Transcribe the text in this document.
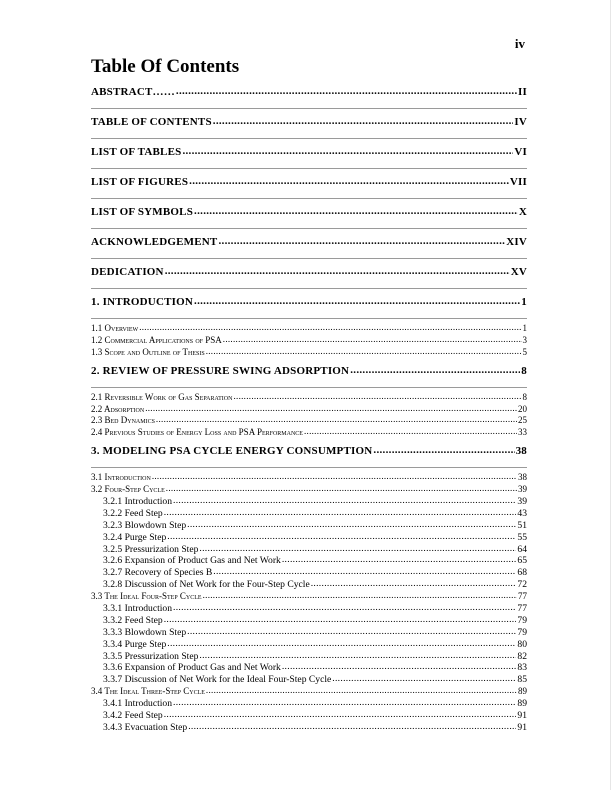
iv
Table Of Contents
ABSTRACT…… .....	II
TABLE OF CONTENTS .....	IV
LIST OF TABLES .....	VI
LIST OF FIGURES .....	VII
LIST OF SYMBOLS .....	X
ACKNOWLEDGEMENT .....	XIV
DEDICATION .....	XV
1. INTRODUCTION .....	1
1.1 Overview .....	1
1.2 Commercial Applications of PSA .....	3
1.3 Scope and Outline of Thesis .....	5
2. REVIEW OF PRESSURE SWING ADSORPTION .....	8
2.1 Reversible Work of Gas Separation .....	8
2.2 Adsorption .....	20
2.3 Bed Dynamics .....	25
2.4 Previous Studies of Energy Loss and PSA Performance .....	33
3. MODELING PSA CYCLE ENERGY CONSUMPTION .....	38
3.1 Introduction .....	38
3.2 Four-Step Cycle .....	39
3.2.1 Introduction .....	39
3.2.2 Feed Step .....	43
3.2.3 Blowdown Step .....	51
3.2.4 Purge Step .....	55
3.2.5 Pressurization Step .....	64
3.2.6 Expansion of Product Gas and Net Work .....	65
3.2.7 Recovery of Species B .....	68
3.2.8 Discussion of Net Work for the Four-Step Cycle .....	72
3.3 The Ideal Four-Step Cycle .....	77
3.3.1 Introduction .....	77
3.3.2 Feed Step .....	79
3.3.3 Blowdown Step .....	79
3.3.4 Purge Step .....	80
3.3.5 Pressurization Step .....	82
3.3.6 Expansion of Product Gas and Net Work .....	83
3.3.7 Discussion of Net Work for the Ideal Four-Step Cycle .....	85
3.4 The Ideal Three-Step Cycle .....	89
3.4.1 Introduction .....	89
3.4.2 Feed Step .....	91
3.4.3 Evacuation Step .....	91
